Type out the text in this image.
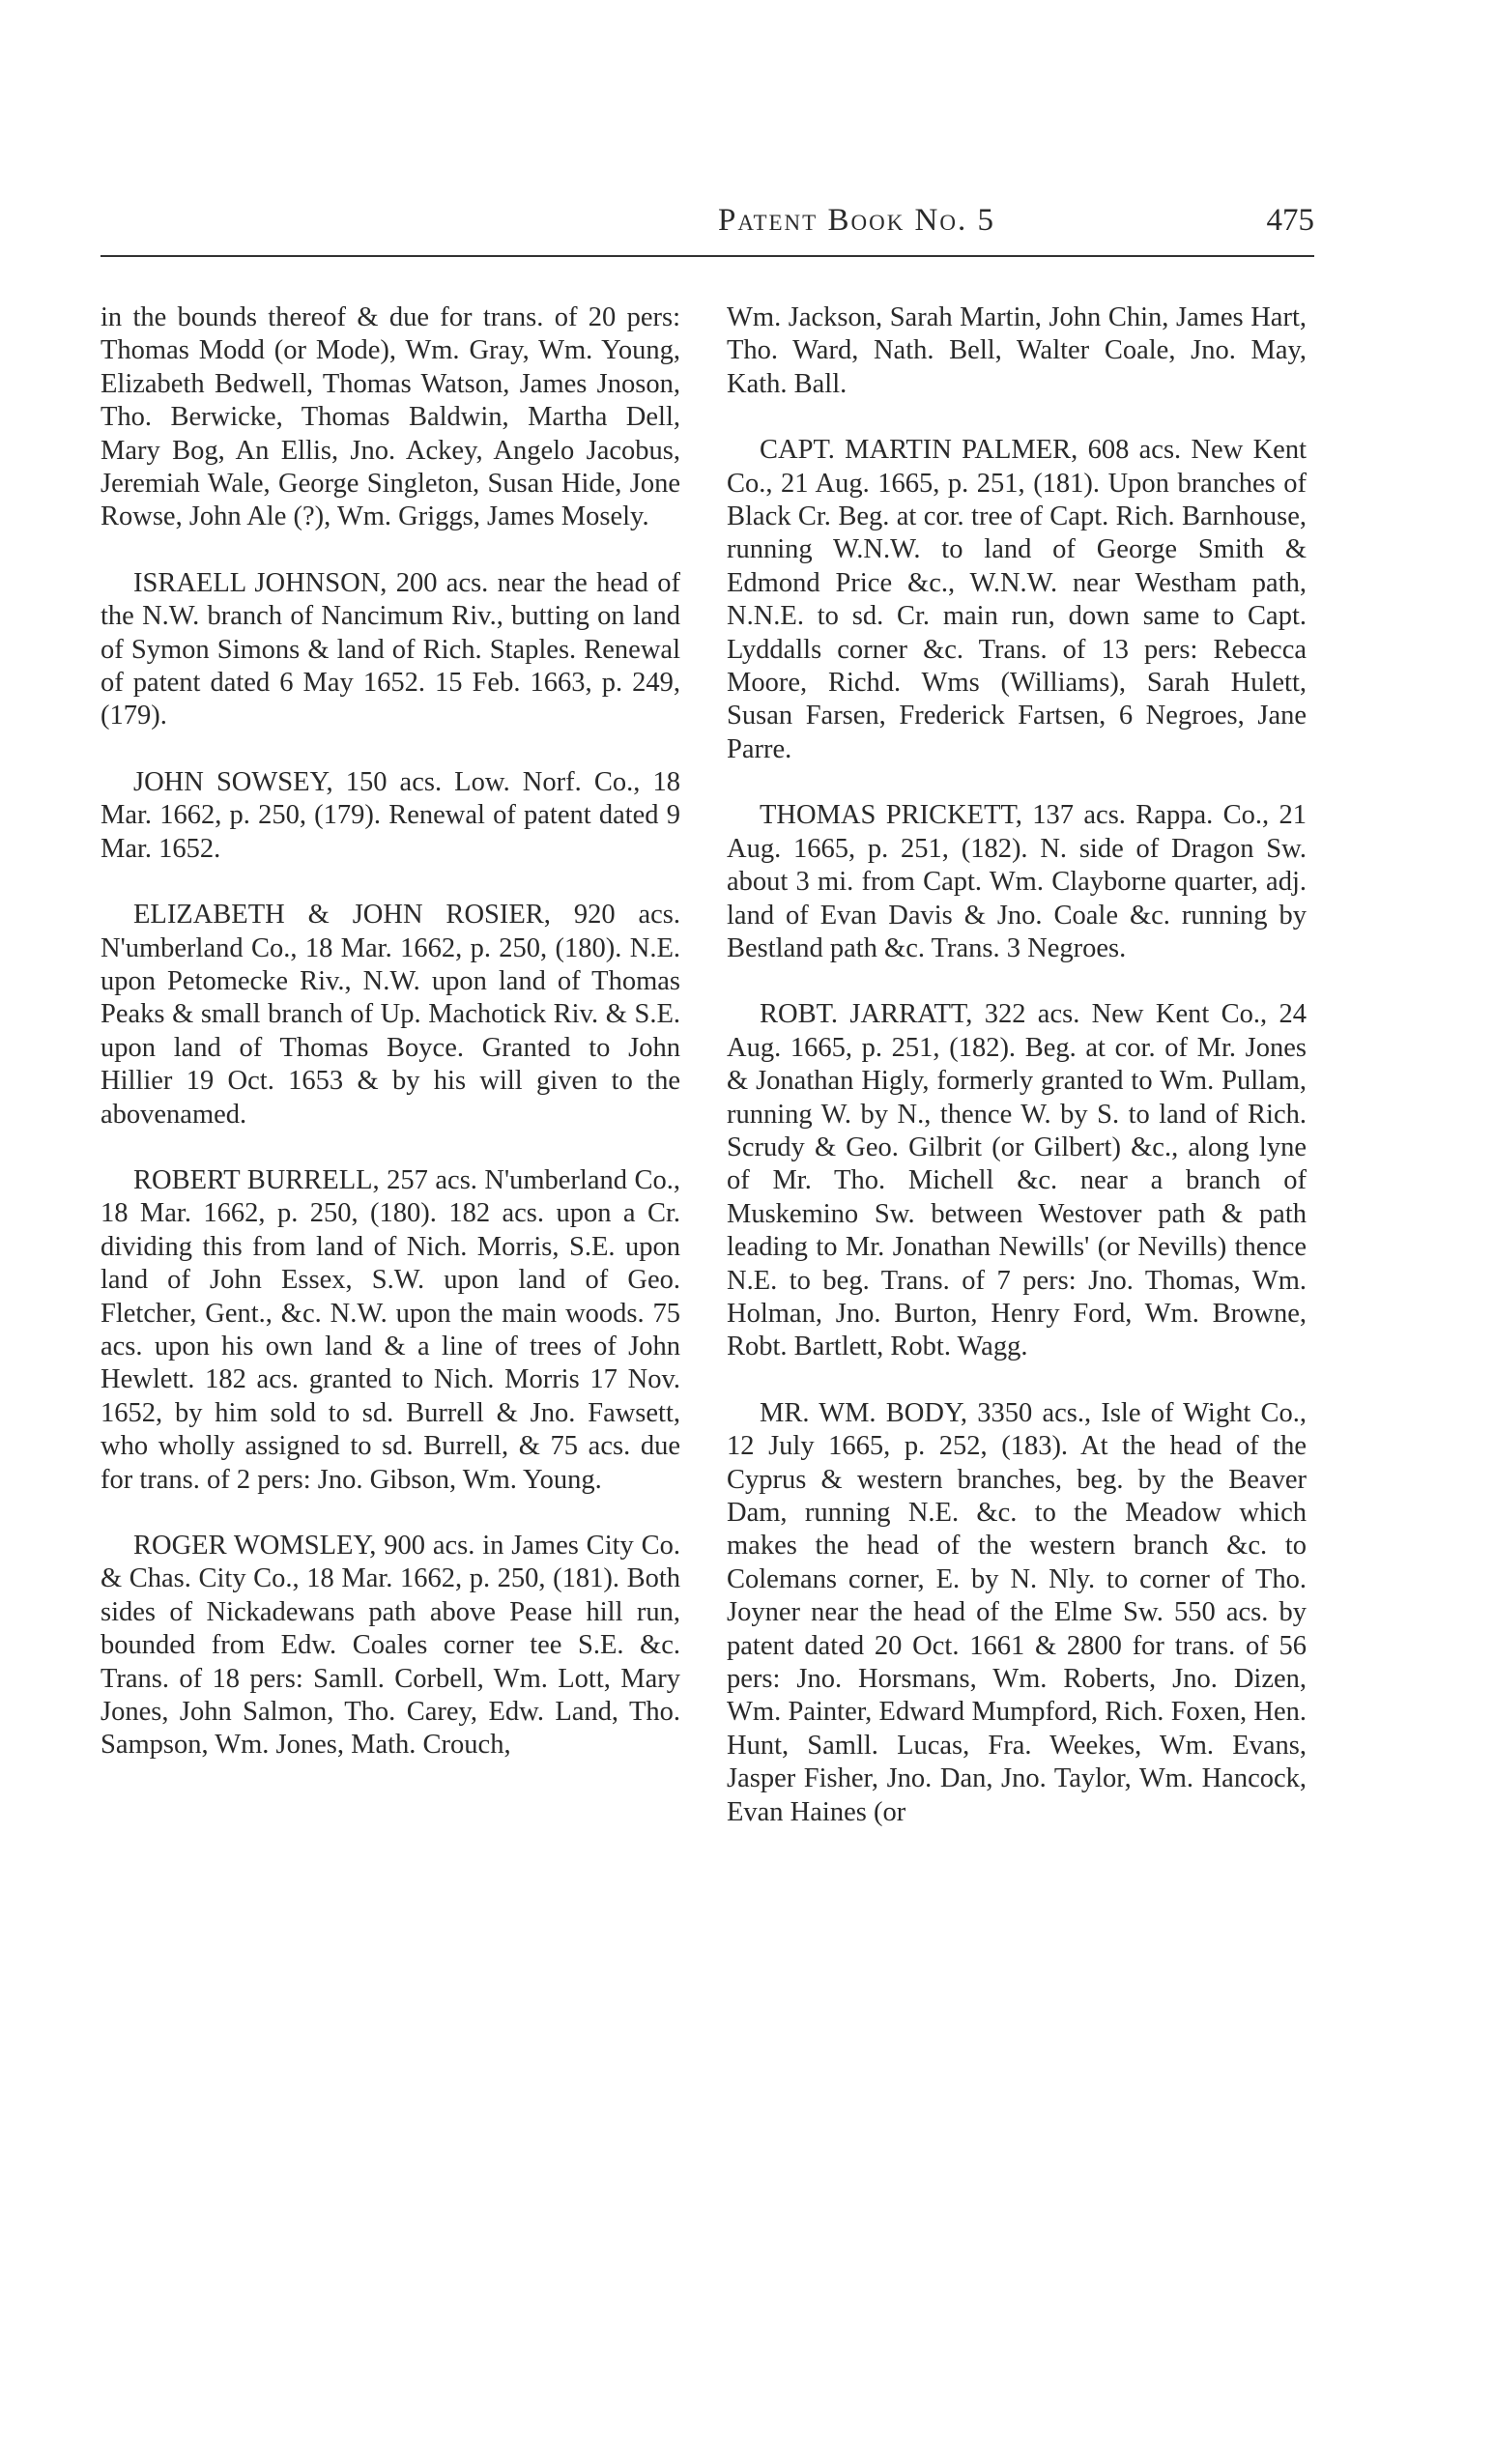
Patent Book No. 5	475

in the bounds thereof & due for trans. of 20 pers: Thomas Modd (or Mode), Wm. Gray, Wm. Young, Elizabeth Bedwell, Thomas Watson, James Jnoson, Tho. Berwicke, Thomas Baldwin, Martha Dell, Mary Bog, An Ellis, Jno. Ackey, Angelo Jacobus, Jeremiah Wale, George Singleton, Susan Hide, Jone Rowse, John Ale (?), Wm. Griggs, James Mosely.

ISRAELL JOHNSON, 200 acs. near the head of the N.W. branch of Nancimum Riv., butting on land of Symon Simons & land of Rich. Staples. Renewal of patent dated 6 May 1652. 15 Feb. 1663, p. 249, (179).

JOHN SOWSEY, 150 acs. Low. Norf. Co., 18 Mar. 1662, p. 250, (179). Renewal of patent dated 9 Mar. 1652.

ELIZABETH & JOHN ROSIER, 920 acs. N'umberland Co., 18 Mar. 1662, p. 250, (180). N.E. upon Petomecke Riv., N.W. upon land of Thomas Peaks & small branch of Up. Machotick Riv. & S.E. upon land of Thomas Boyce. Granted to John Hillier 19 Oct. 1653 & by his will given to the abovenamed.

ROBERT BURRELL, 257 acs. N'umberland Co., 18 Mar. 1662, p. 250, (180). 182 acs. upon a Cr. dividing this from land of Nich. Morris, S.E. upon land of John Essex, S.W. upon land of Geo. Fletcher, Gent., &c. N.W. upon the main woods. 75 acs. upon his own land & a line of trees of John Hewlett. 182 acs. granted to Nich. Morris 17 Nov. 1652, by him sold to sd. Burrell & Jno. Fawsett, who wholly assigned to sd. Burrell, & 75 acs. due for trans. of 2 pers: Jno. Gibson, Wm. Young.

ROGER WOMSLEY, 900 acs. in James City Co. & Chas. City Co., 18 Mar. 1662, p. 250, (181). Both sides of Nickadewans path above Pease hill run, bounded from Edw. Coales corner tee S.E. &c. Trans. of 18 pers: Samll. Corbell, Wm. Lott, Mary Jones, John Salmon, Tho. Carey, Edw. Land, Tho. Sampson, Wm. Jones, Math. Crouch,

Wm. Jackson, Sarah Martin, John Chin, James Hart, Tho. Ward, Nath. Bell, Walter Coale, Jno. May, Kath. Ball.

CAPT. MARTIN PALMER, 608 acs. New Kent Co., 21 Aug. 1665, p. 251, (181). Upon branches of Black Cr. Beg. at cor. tree of Capt. Rich. Barnhouse, running W.N.W. to land of George Smith & Edmond Price &c., W.N.W. near Westham path, N.N.E. to sd. Cr. main run, down same to Capt. Lyddalls corner &c. Trans. of 13 pers: Rebecca Moore, Richd. Wms (Williams), Sarah Hulett, Susan Farsen, Frederick Fartsen, 6 Negroes, Jane Parre.

THOMAS PRICKETT, 137 acs. Rappa. Co., 21 Aug. 1665, p. 251, (182). N. side of Dragon Sw. about 3 mi. from Capt. Wm. Clayborne quarter, adj. land of Evan Davis & Jno. Coale &c. running by Bestland path &c. Trans. 3 Negroes.

ROBT. JARRATT, 322 acs. New Kent Co., 24 Aug. 1665, p. 251, (182). Beg. at cor. of Mr. Jones & Jonathan Higly, formerly granted to Wm. Pullam, running W. by N., thence W. by S. to land of Rich. Scrudy & Geo. Gilbrit (or Gilbert) &c., along lyne of Mr. Tho. Michell &c. near a branch of Muskemino Sw. between Westover path & path leading to Mr. Jonathan Newills' (or Nevills) thence N.E. to beg. Trans. of 7 pers: Jno. Thomas, Wm. Holman, Jno. Burton, Henry Ford, Wm. Browne, Robt. Bartlett, Robt. Wagg.

MR. WM. BODY, 3350 acs., Isle of Wight Co., 12 July 1665, p. 252, (183). At the head of the Cyprus & western branches, beg. by the Beaver Dam, running N.E. &c. to the Meadow which makes the head of the western branch &c. to Colemans corner, E. by N. Nly. to corner of Tho. Joyner near the head of the Elme Sw. 550 acs. by patent dated 20 Oct. 1661 & 2800 for trans. of 56 pers: Jno. Horsmans, Wm. Roberts, Jno. Dizen, Wm. Painter, Edward Mumpford, Rich. Foxen, Hen. Hunt, Samll. Lucas, Fra. Weekes, Wm. Evans, Jasper Fisher, Jno. Dan, Jno. Taylor, Wm. Hancock, Evan Haines (or
